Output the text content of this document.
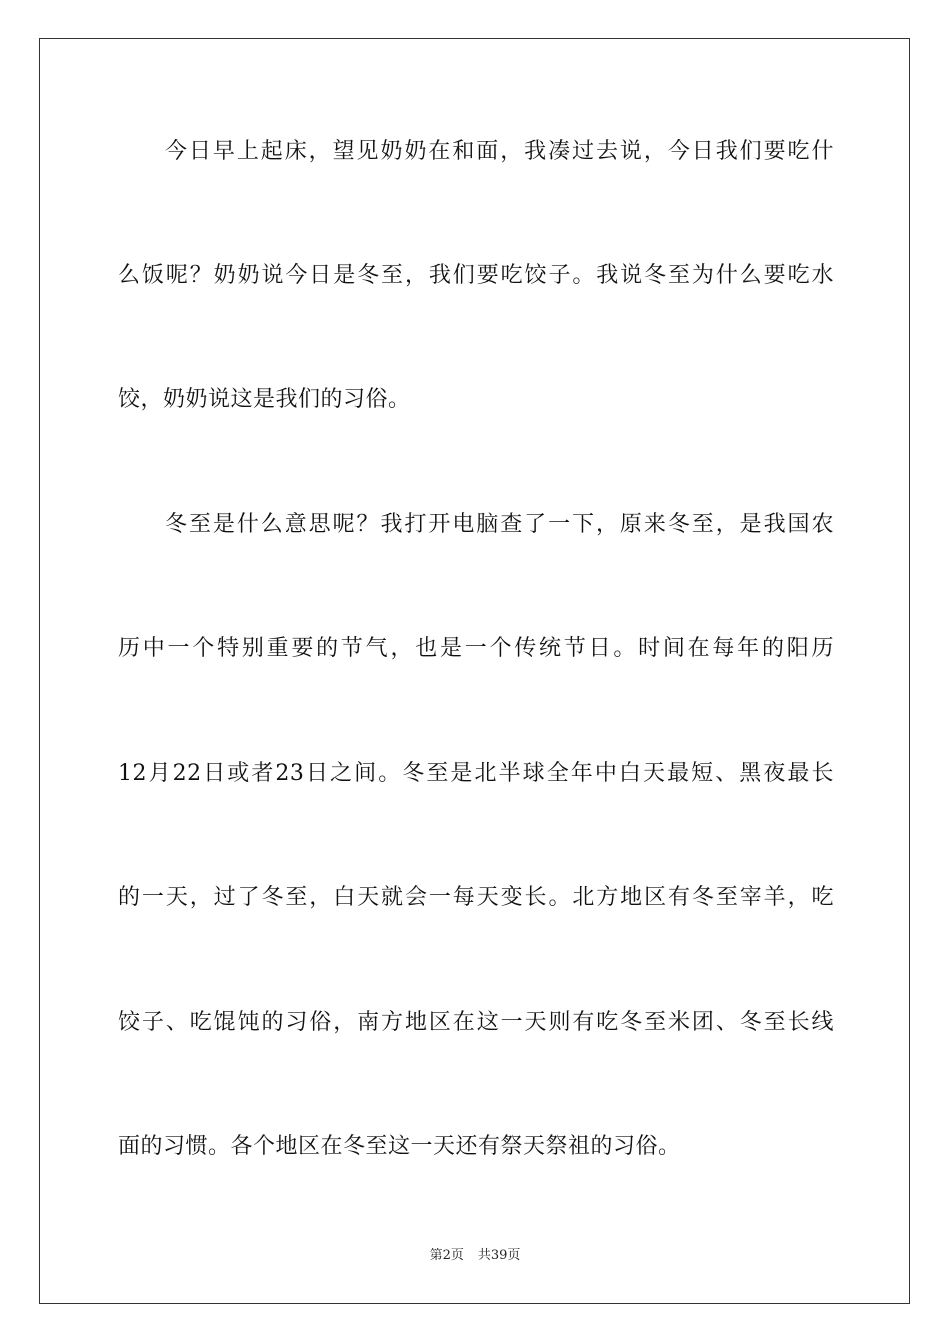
今日早上起床，望见奶奶在和面，我凑过去说，今日我们要吃什
么饭呢？奶奶说今日是冬至，我们要吃饺子。我说冬至为什么要吃水
饺，奶奶说这是我们的习俗。
冬至是什么意思呢？我打开电脑查了一下，原来冬至，是我国农
历中一个特别重要的节气，也是一个传统节日。时间在每年的阳历
12月22日或者23日之间。冬至是北半球全年中白天最短、黑夜最长
的一天，过了冬至，白天就会一每天变长。北方地区有冬至宰羊，吃
饺子、吃馄饨的习俗，南方地区在这一天则有吃冬至米团、冬至长线
面的习惯。各个地区在冬至这一天还有祭天祭祖的习俗。
第2页 共39页
